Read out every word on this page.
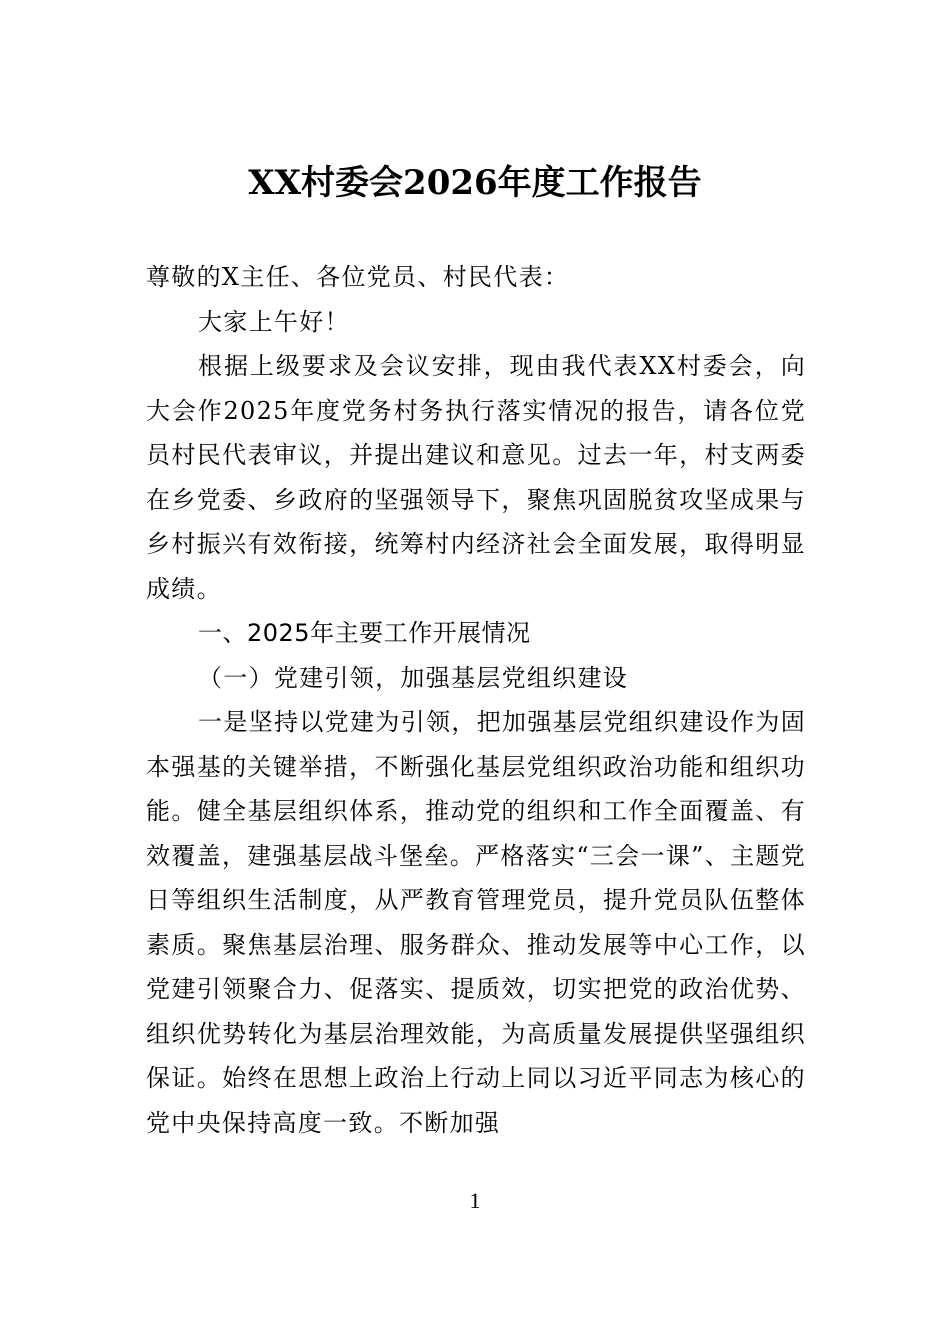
XX村委会2026年度工作报告

尊敬的X主任、各位党员、村民代表：

大家上午好！

根据上级要求及会议安排，现由我代表XX村委会，向大会作2025年度党务村务执行落实情况的报告，请各位党员村民代表审议，并提出建议和意见。过去一年，村支两委在乡党委、乡政府的坚强领导下，聚焦巩固脱贫攻坚成果与乡村振兴有效衔接，统筹村内经济社会全面发展，取得明显成绩。

一、2025年主要工作开展情况

（一）党建引领，加强基层党组织建设

一是坚持以党建为引领，把加强基层党组织建设作为固本强基的关键举措，不断强化基层党组织政治功能和组织功能。健全基层组织体系，推动党的组织和工作全面覆盖、有效覆盖，建强基层战斗堡垒。严格落实“三会一课”、主题党日等组织生活制度，从严教育管理党员，提升党员队伍整体素质。聚焦基层治理、服务群众、推动发展等中心工作，以党建引领聚合力、促落实、提质效，切实把党的政治优势、组织优势转化为基层治理效能，为高质量发展提供坚强组织保证。始终在思想上政治上行动上同以习近平同志为核心的党中央保持高度一致。不断加强

1
